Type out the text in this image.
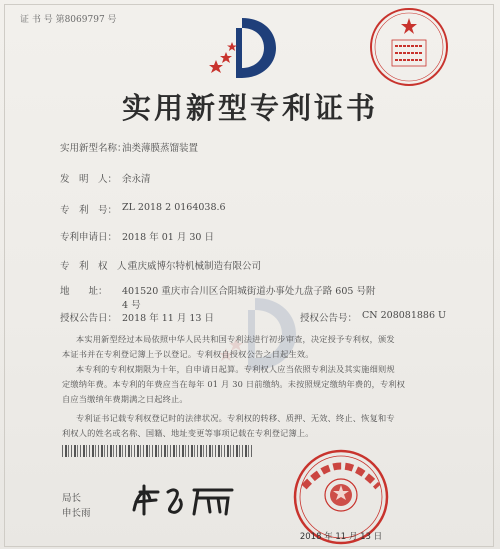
证 书 号 第8069797 号
实用新型专利证书
实用新型名称：
油类薄膜蒸馏装置
发　明　人： 余永清
专　利　号： ZL 2018 2 0164038.6
专利申请日： 2018 年 01 月 30 日
专　利　权　人：
重庆威博尔特机械制造有限公司
地　　址： 401520 重庆市合川区合阳城街道办事处九盘子路 605 号附
4 号
授权公告日： 2018 年 11 月 13 日	授权公告号： CN 208081886 U
本实用新型经过本局依照中华人民共和国专利法进行初步审查，决定授予专利权，颁发
本证书并在专利登记簿上予以登记。专利权自授权公告之日起生效。
本专利的专利权期限为十年，自申请日起算。专利权人应当依照专利法及其实施细则规
定缴纳年费。本专利的年费应当在每年 01 月 30 日前缴纳。未按照规定缴纳年费的，专利权
自应当缴纳年费期满之日起终止。
专利证书记载专利权登记时的法律状况。专利权的转移、质押、无效、终止、恢复和专
利权人的姓名或名称、国籍、地址变更等事项记载在专利登记簿上。
局长
申长雨
2018 年 11 月 13 日
